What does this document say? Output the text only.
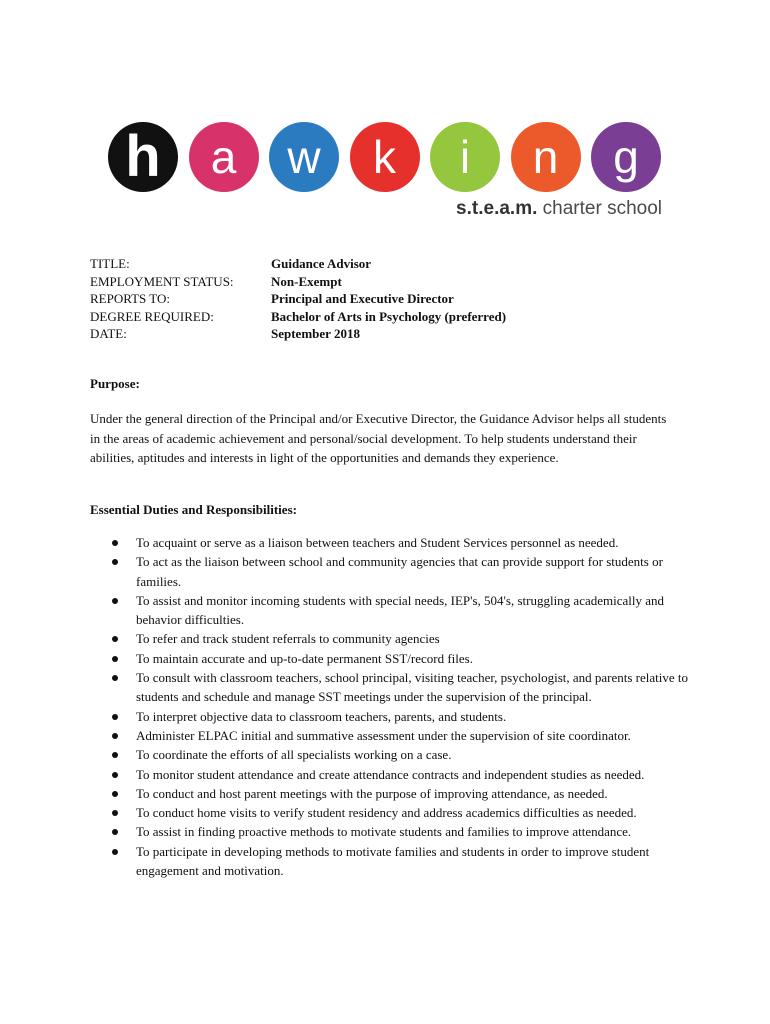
h	a	w	k	i	n	g
s.t.e.a.m. charter school
TITLE:	Guidance Advisor
EMPLOYMENT STATUS:	Non-Exempt
REPORTS TO:	Principal and Executive Director
DEGREE REQUIRED:	Bachelor of Arts in Psychology (preferred)
DATE:	September 2018
Purpose:

Under the general direction of the Principal and/or Executive Director, the Guidance Advisor helps all students in the areas of academic achievement and personal/social development. To help students understand their abilities, aptitudes and interests in light of the opportunities and demands they experience.

Essential Duties and Responsibilities:
To acquaint or serve as a liaison between teachers and Student Services personnel as needed.
To act as the liaison between school and community agencies that can provide support for students or families.
To assist and monitor incoming students with special needs, IEP's, 504's, struggling academically and behavior difficulties.
To refer and track student referrals to community agencies
To maintain accurate and up-to-date permanent SST/record files.
To consult with classroom teachers, school principal, visiting teacher, psychologist, and parents relative to students and schedule and manage SST meetings under the supervision of the principal.
To interpret objective data to classroom teachers, parents, and students.
Administer ELPAC initial and summative assessment under the supervision of site coordinator.
To coordinate the efforts of all specialists working on a case.
To monitor student attendance and create attendance contracts and independent studies as needed.
To conduct and host parent meetings with the purpose of improving attendance, as needed.
To conduct home visits to verify student residency and address academics difficulties as needed.
To assist in finding proactive methods to motivate students and families to improve attendance.
To participate in developing methods to motivate families and students in order to improve student engagement and motivation.
